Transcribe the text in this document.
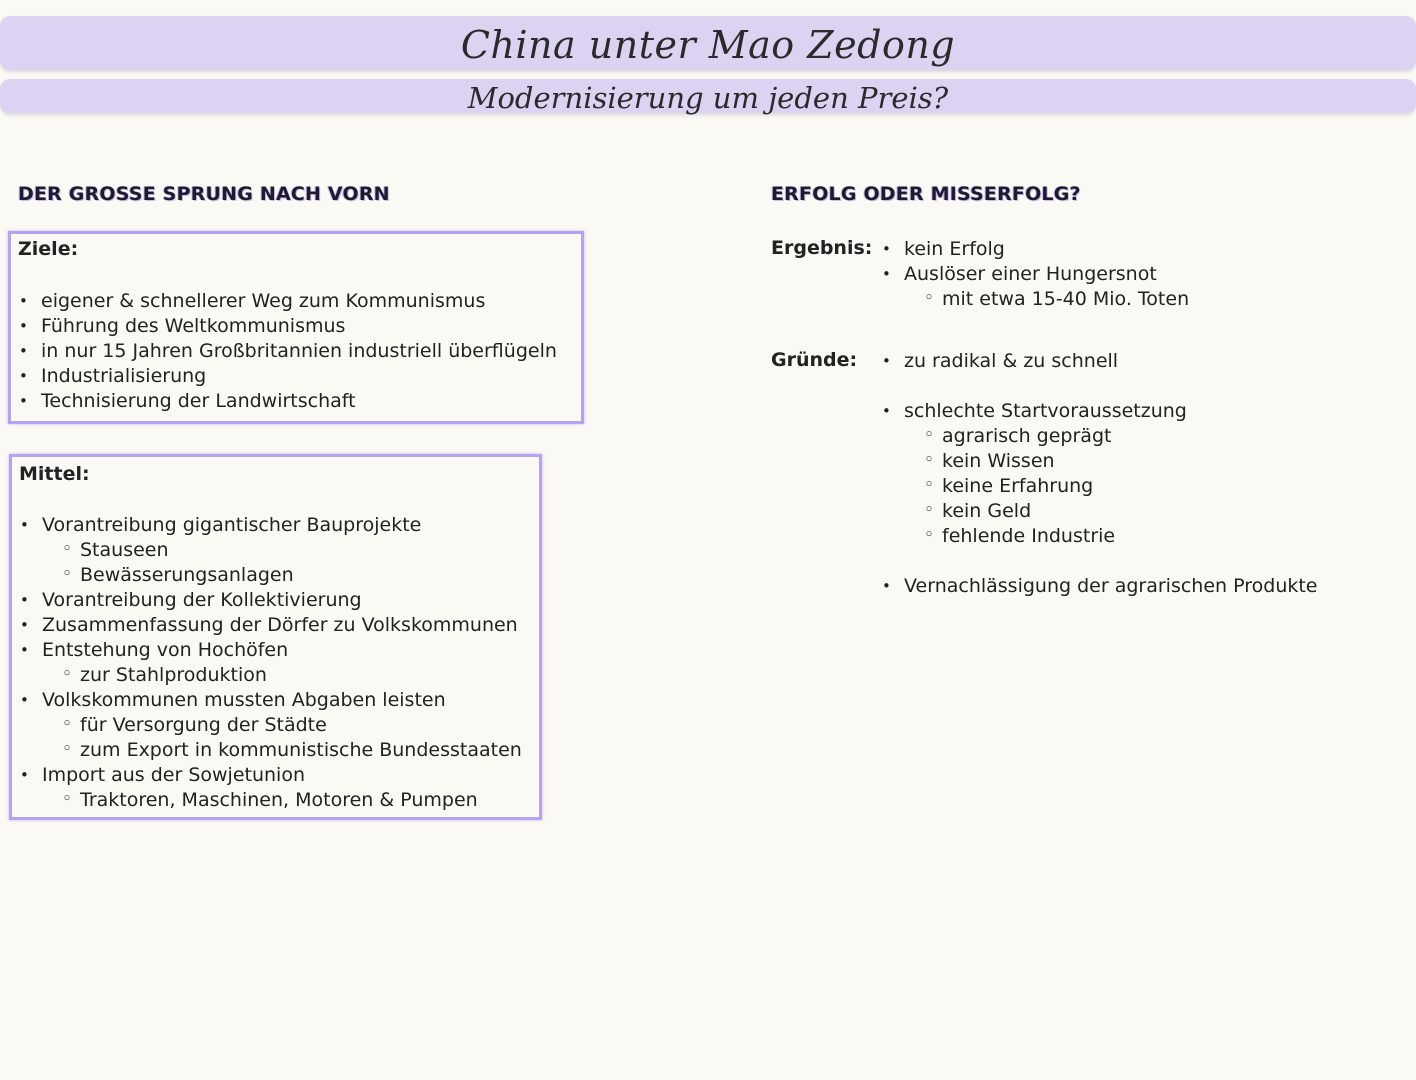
China unter Mao Zedong
Modernisierung um jeden Preis?
DER GROSSE SPRUNG NACH VORN
Ziele:
• eigener & schnellerer Weg zum Kommunismus
• Führung des Weltkommunismus
• in nur 15 Jahren Großbritannien industriell überflügeln
• Industrialisierung
• Technisierung der Landwirtschaft
Mittel:
• Vorantreibung gigantischer Bauprojekte
◦ Stauseen
◦ Bewässerungsanlagen
• Vorantreibung der Kollektivierung
• Zusammenfassung der Dörfer zu Volkskommunen
• Entstehung von Hochöfen
◦ zur Stahlproduktion
• Volkskommunen mussten Abgaben leisten
◦ für Versorgung der Städte
◦ zum Export in kommunistische Bundesstaaten
• Import aus der Sowjetunion
◦ Traktoren, Maschinen, Motoren & Pumpen
ERFOLG ODER MISSERFOLG?
Ergebnis:	• kein Erfolg
• Auslöser einer Hungersnot
◦ mit etwa 15-40 Mio. Toten
Gründe:	• zu radikal & zu schnell
• schlechte Startvoraussetzung
◦ agrarisch geprägt
◦ kein Wissen
◦ keine Erfahrung
◦ kein Geld
◦ fehlende Industrie
• Vernachlässigung der agrarischen Produkte
